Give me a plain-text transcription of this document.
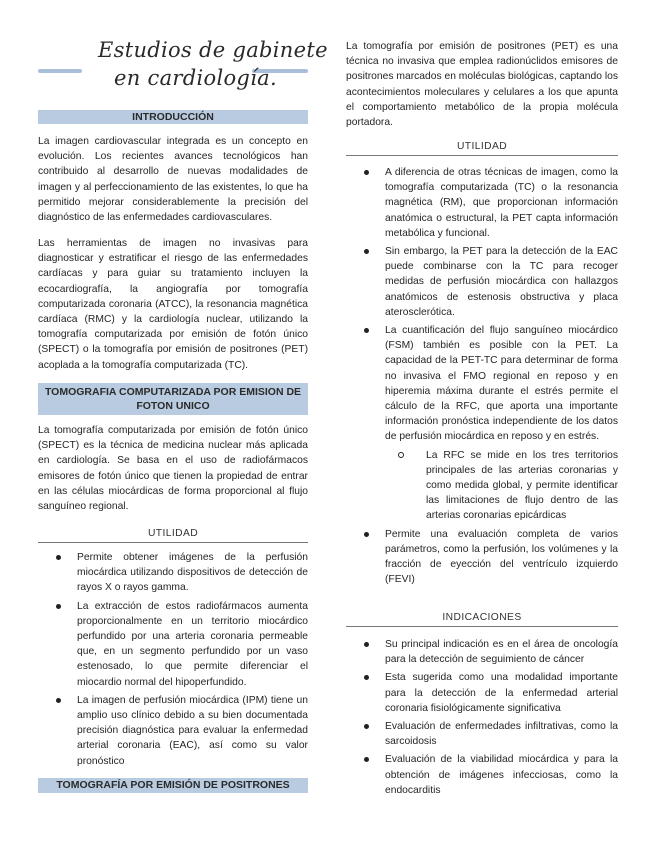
Estudios de gabinete
en cardiología.
INTRODUCCIÓN
La imagen cardiovascular integrada es un concepto en evolución. Los recientes avances tecnológicos han contribuido al desarrollo de nuevas modalidades de imagen y al perfeccionamiento de las existentes, lo que ha permitido mejorar considerablemente la precisión del diagnóstico de las enfermedades cardiovasculares.
Las herramientas de imagen no invasivas para diagnosticar y estratificar el riesgo de las enfermedades cardíacas y para guiar su tratamiento incluyen la ecocardiografía, la angiografía por tomografía computarizada coronaria (ATCC), la resonancia magnética cardíaca (RMC) y la cardiología nuclear, utilizando la tomografía computarizada por emisión de fotón único (SPECT) o la tomografía por emisión de positrones (PET) acoplada a la tomografía computarizada (TC).
TOMOGRAFIA COMPUTARIZADA POR EMISION DE FOTON UNICO
La tomografía computarizada por emisión de fotón único (SPECT) es la técnica de medicina nuclear más aplicada en cardiología. Se basa en el uso de radiofármacos emisores de fotón único que tienen la propiedad de entrar en las células miocárdicas de forma proporcional al flujo sanguíneo regional.
UTILIDAD
Permite obtener imágenes de la perfusión miocárdica utilizando dispositivos de detección de rayos X o rayos gamma.
La extracción de estos radiofármacos aumenta proporcionalmente en un territorio miocárdico perfundido por una arteria coronaria permeable que, en un segmento perfundido por un vaso estenosado, lo que permite diferenciar el miocardio normal del hipoperfundido.
La imagen de perfusión miocárdica (IPM) tiene un amplio uso clínico debido a su bien documentada precisión diagnóstica para evaluar la enfermedad arterial coronaria (EAC), así como su valor pronóstico
TOMOGRAFÍA POR EMISIÓN DE POSITRONES
La tomografía por emisión de positrones (PET) es una técnica no invasiva que emplea radionúclidos emisores de positrones marcados en moléculas biológicas, captando los acontecimientos moleculares y celulares a los que apunta el comportamiento metabólico de la propia molécula portadora.
UTILIDAD
A diferencia de otras técnicas de imagen, como la tomografía computarizada (TC) o la resonancia magnética (RM), que proporcionan información anatómica o estructural, la PET capta información metabólica y funcional.
Sin embargo, la PET para la detección de la EAC puede combinarse con la TC para recoger medidas de perfusión miocárdica con hallazgos anatómicos de estenosis obstructiva y placa aterosclerótica.
La cuantificación del flujo sanguíneo miocárdico (FSM) también es posible con la PET. La capacidad de la PET-TC para determinar de forma no invasiva el FMO regional en reposo y en hiperemia máxima durante el estrés permite el cálculo de la RFC, que aporta una importante información pronóstica independiente de los datos de perfusión miocárdica en reposo y en estrés.
La RFC se mide en los tres territorios principales de las arterias coronarias y como medida global, y permite identificar las limitaciones de flujo dentro de las arterias coronarias epicárdicas
Permite una evaluación completa de varios parámetros, como la perfusión, los volúmenes y la fracción de eyección del ventrículo izquierdo (FEVI)
INDICACIONES
Su principal indicación es en el área de oncología para la detección de seguimiento de cáncer
Esta sugerida como una modalidad importante para la detección de la enfermedad arterial coronaria fisiológicamente significativa
Evaluación de enfermedades infiltrativas, como la sarcoidosis
Evaluación de la viabilidad miocárdica y para la obtención de imágenes infecciosas, como la endocarditis
